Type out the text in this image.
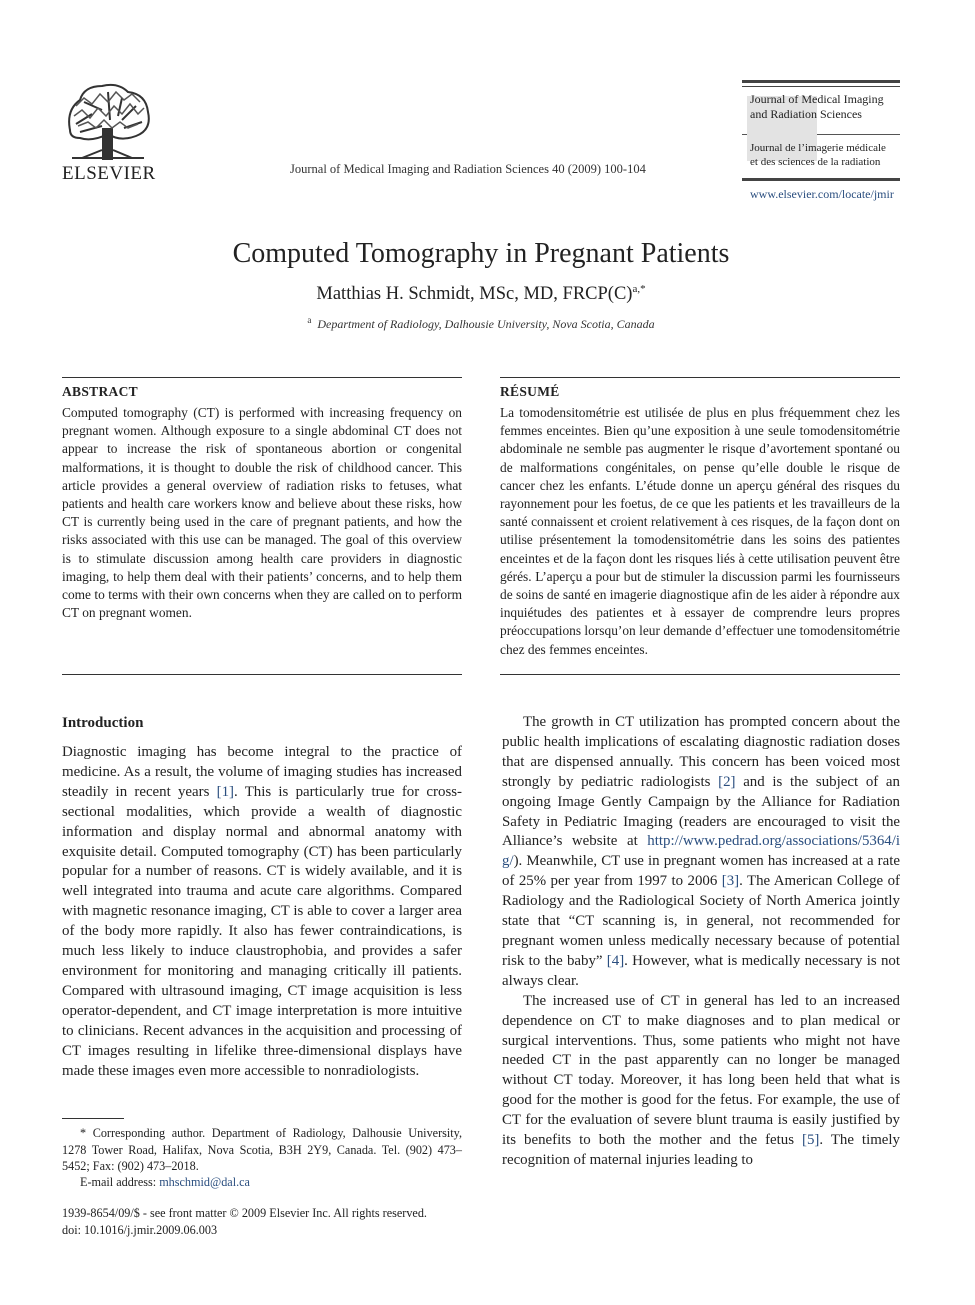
ELSEVIER	Journal of Medical Imaging and Radiation Sciences 40 (2009) 100-104
Journal of Medical Imaging
and Radiation Sciences
Journal de l’imagerie médicale
et des sciences de la radiation
www.elsevier.com/locate/jmir
Computed Tomography in Pregnant Patients
Matthias H. Schmidt, MSc, MD, $FRCP(C)^{a,*}$
$^a$ Department of Radiology, Dalhousie University, Nova Scotia, Canada
ABSTRACT
Computed tomography (CT) is performed with increasing frequency on pregnant women. Although exposure to a single abdominal CT does not appear to increase the risk of spontaneous abortion or congenital malformations, it is thought to double the risk of childhood cancer. This article provides a general overview of radiation risks to fetuses, what patients and health care workers know and believe about these risks, how CT is currently being used in the care of pregnant patients, and how the risks associated with this use can be managed. The goal of this overview is to stimulate discussion among health care providers in diagnostic imaging, to help them deal with their patients’ concerns, and to help them come to terms with their own concerns when they are called on to perform CT on pregnant women.
RÉSUMÉ
La tomodensitométrie est utilisée de plus en plus fréquemment chez les femmes enceintes. Bien qu’une exposition à une seule tomodensitométrie abdominale ne semble pas augmenter le risque d’avortement spontané ou de malformations congénitales, on pense qu’elle double le risque de cancer chez les enfants. L’étude donne un aperçu général des risques du rayonnement pour les foetus, de ce que les patients et les travailleurs de la santé connaissent et croient relativement à ces risques, de la façon dont on utilise présentement la tomodensitométrie dans les soins des patientes enceintes et de la façon dont les risques liés à cette utilisation peuvent être gérés. L’aperçu a pour but de stimuler la discussion parmi les fournisseurs de soins de santé en imagerie diagnostique afin de les aider à répondre aux inquiétudes des patientes et à essayer de comprendre leurs propres préoccupations lorsqu’on leur demande d’effectuer une tomodensitométrie chez des femmes enceintes.
Introduction

Diagnostic imaging has become integral to the practice of medicine. As a result, the volume of imaging studies has increased steadily in recent years [1]. This is particularly true for cross-sectional modalities, which provide a wealth of diagnostic information and display normal and abnormal anatomy with exquisite detail. Computed tomography (CT) has been particularly popular for a number of reasons. CT is widely available, and it is well integrated into trauma and acute care algorithms. Compared with magnetic resonance imaging, CT is able to cover a larger area of the body more rapidly. It also has fewer contraindications, is much less likely to induce claustrophobia, and provides a safer environment for monitoring and managing critically ill patients. Compared with ultrasound imaging, CT image acquisition is less operator-dependent, and CT image interpretation is more intuitive to clinicians. Recent advances in the acquisition and processing of CT images resulting in lifelike three-dimensional displays have made these images even more accessible to nonradiologists.

The growth in CT utilization has prompted concern about the public health implications of escalating diagnostic radiation doses that are dispensed annually. This concern has been voiced most strongly by pediatric radiologists [2] and is the subject of an ongoing Image Gently Campaign by the Alliance for Radiation Safety in Pediatric Imaging (readers are encouraged to visit the Alliance’s website at http://www.pedrad.org/associations/5364/ig/). Meanwhile, CT use in pregnant women has increased at a rate of 25% per year from 1997 to 2006 [3]. The American College of Radiology and the Radiological Society of North America jointly state that “CT scanning is, in general, not recommended for pregnant women unless medically necessary because of potential risk to the baby” [4]. However, what is medically necessary is not always clear.

The increased use of CT in general has led to an increased dependence on CT to make diagnoses and to plan medical or surgical interventions. Thus, some patients who might not have needed CT in the past apparently can no longer be managed without CT today. Moreover, it has long been held that what is good for the mother is good for the fetus. For example, the use of CT for the evaluation of severe blunt trauma is easily justified by its benefits to both the mother and the fetus [5]. The timely recognition of maternal injuries leading to

* Corresponding author. Department of Radiology, Dalhousie University, 1278 Tower Road, Halifax, Nova Scotia, B3H 2Y9, Canada. Tel. (902) 473–5452; Fax: (902) 473–2018.
E-mail address: mhschmid@dal.ca
1939-8654/09/$ - see front matter © 2009 Elsevier Inc. All rights reserved.
doi: 10.1016/j.jmir.2009.06.003
